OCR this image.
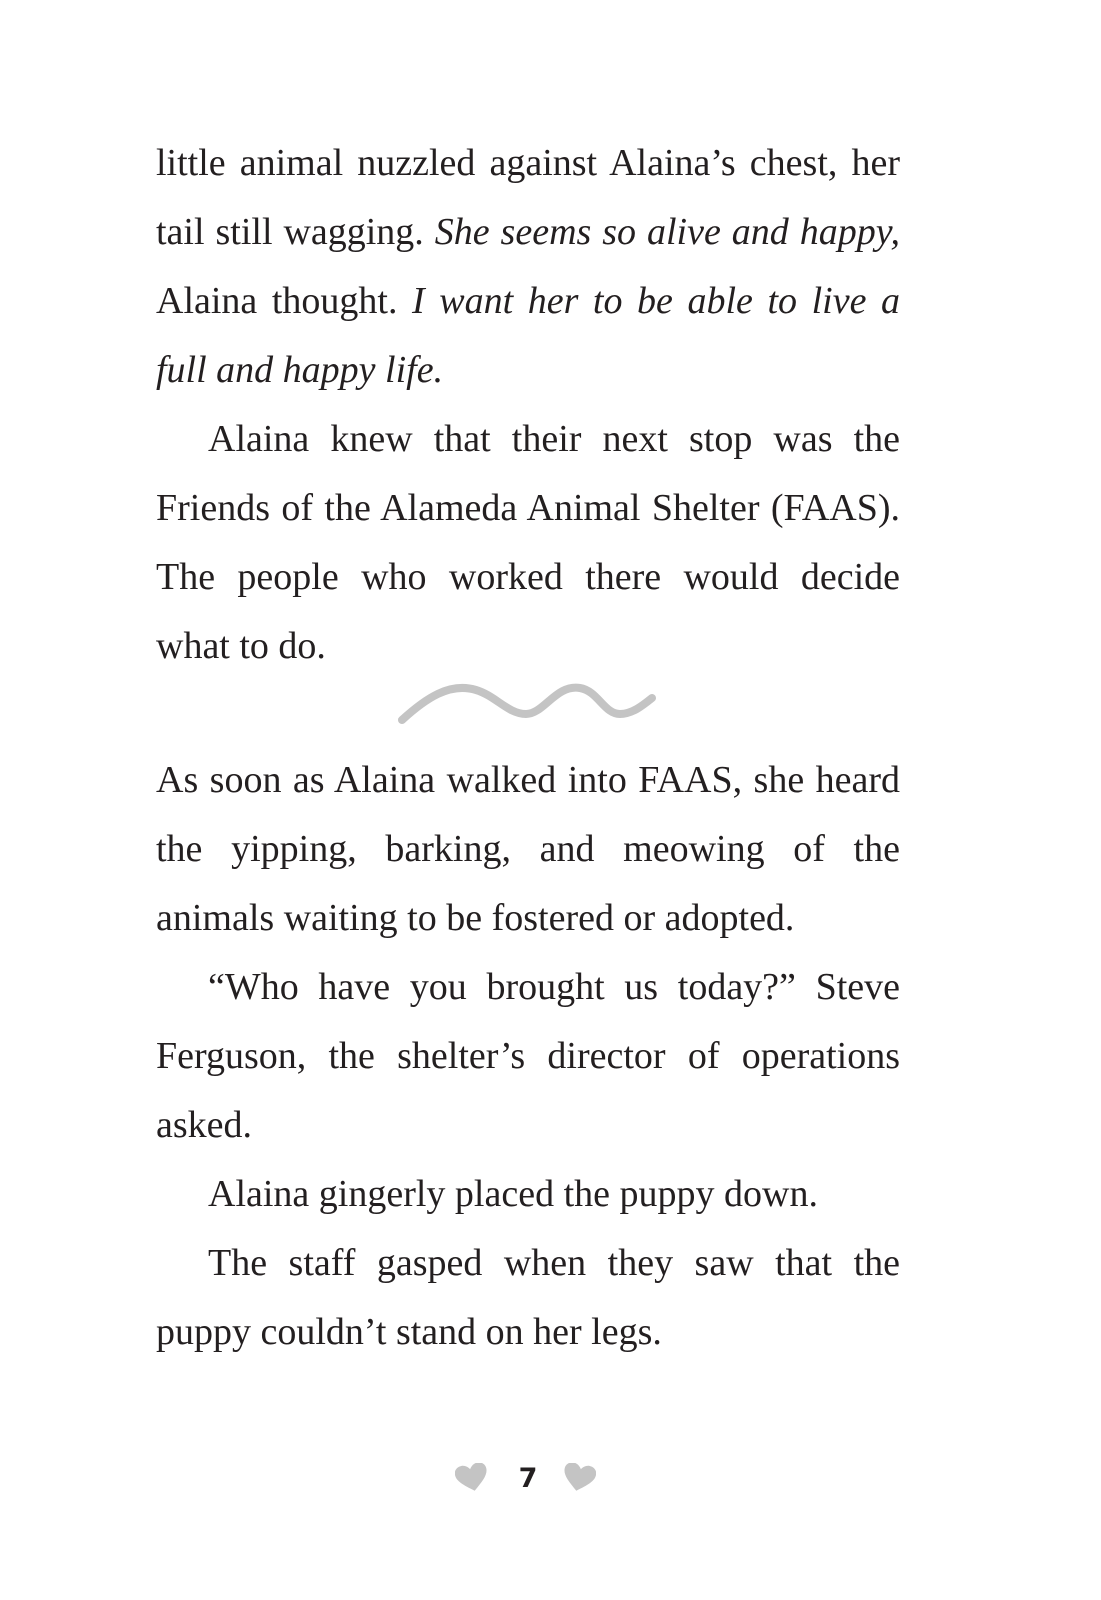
little animal nuzzled against Alaina’s chest, her tail still wagging. She seems so alive and happy, Alaina thought. I want her to be able to live a full and happy life.

Alaina knew that their next stop was the Friends of the Alameda Animal Shelter (FAAS). The people who worked there would decide what to do.

As soon as Alaina walked into FAAS, she heard the yipping, barking, and meowing of the animals waiting to be fostered or adopted.

“Who have you brought us today?” Steve Ferguson, the shelter’s director of operations asked.

Alaina gingerly placed the puppy down.

The staff gasped when they saw that the puppy couldn’t stand on her legs.

7
